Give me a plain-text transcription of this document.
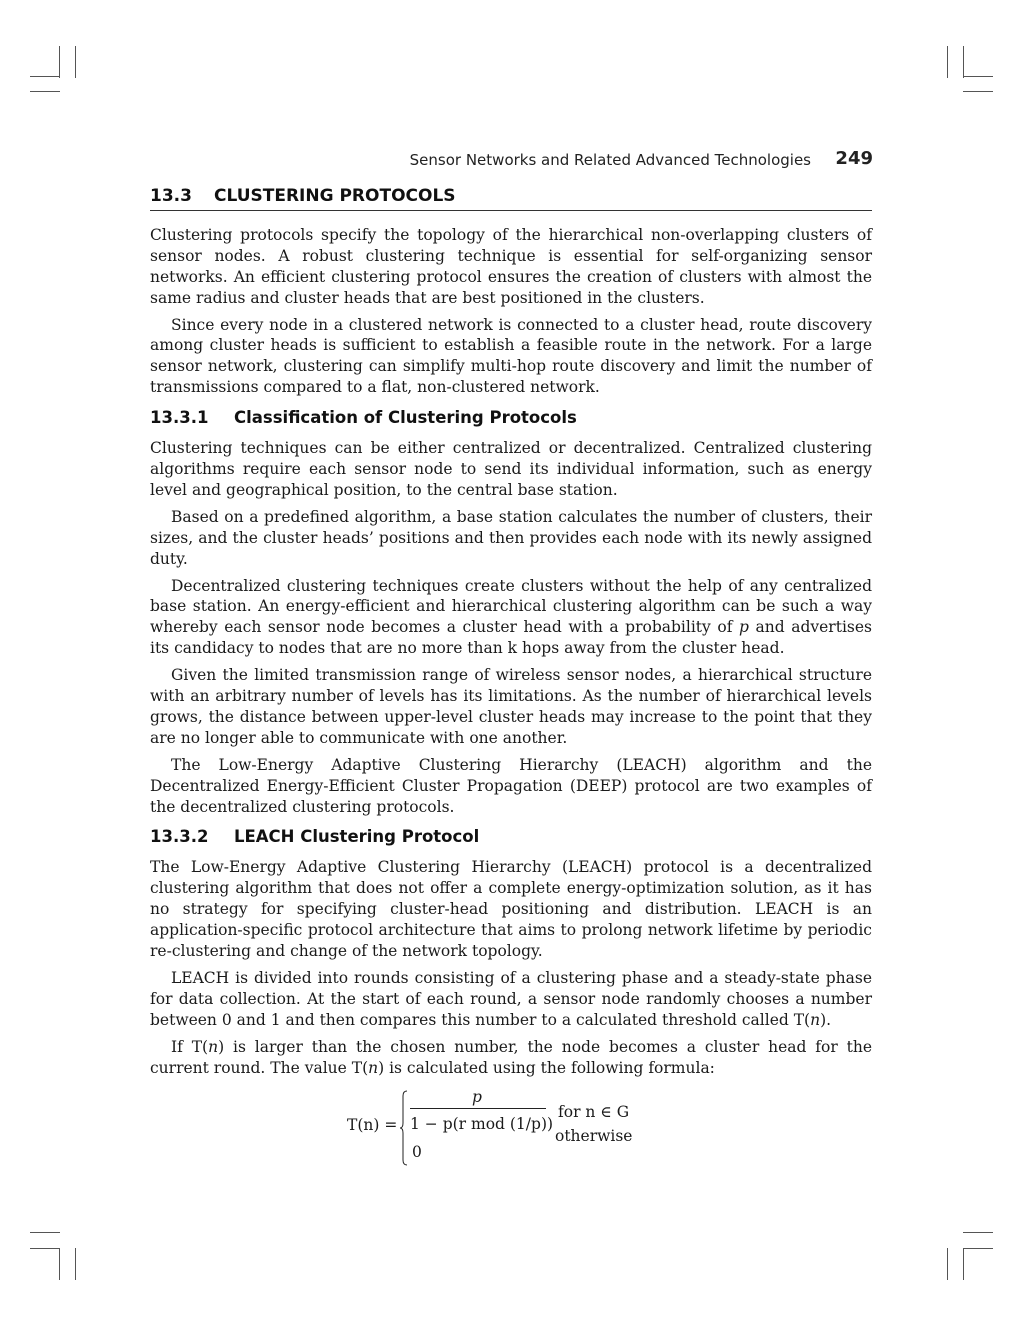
Sensor Networks and Related Advanced Technologies 249
13.3 CLUSTERING PROTOCOLS

Clustering protocols specify the topology of the hierarchical non-overlapping clusters of sensor nodes. A robust clustering technique is essential for self-organizing sensor networks. An efficient clustering protocol ensures the creation of clusters with almost the same radius and cluster heads that are best positioned in the clusters.

Since every node in a clustered network is connected to a cluster head, route discovery among cluster heads is sufficient to establish a feasible route in the network. For a large sensor network, clustering can simplify multi-hop route discovery and limit the number of transmissions compared to a flat, non-clustered network.

13.3.1 Classification of Clustering Protocols

Clustering techniques can be either centralized or decentralized. Centralized clustering algorithms require each sensor node to send its individual information, such as energy level and geographical position, to the central base station.

Based on a predefined algorithm, a base station calculates the number of clusters, their sizes, and the cluster heads’ positions and then provides each node with its newly assigned duty.

Decentralized clustering techniques create clusters without the help of any centralized base station. An energy-efficient and hierarchical clustering algorithm can be such a way whereby each sensor node becomes a cluster head with a probability of p and advertises its candidacy to nodes that are no more than k hops away from the cluster head.

Given the limited transmission range of wireless sensor nodes, a hierarchical structure with an arbitrary number of levels has its limitations. As the number of hierarchical levels grows, the distance between upper-level cluster heads may increase to the point that they are no longer able to communicate with one another.

The Low-Energy Adaptive Clustering Hierarchy (LEACH) algorithm and the Decentralized Energy-Efficient Cluster Propagation (DEEP) protocol are two examples of the decentralized clustering protocols.

13.3.2 LEACH Clustering Protocol

The Low-Energy Adaptive Clustering Hierarchy (LEACH) protocol is a decentralized clustering algorithm that does not offer a complete energy-optimization solution, as it has no strategy for specifying cluster-head positioning and distribution. LEACH is an application-specific protocol architecture that aims to prolong network lifetime by periodic re-clustering and change of the network topology.

LEACH is divided into rounds consisting of a clustering phase and a steady-state phase for data collection. At the start of each round, a sensor node randomly chooses a number between 0 and 1 and then compares this number to a calculated threshold called T(n).

If T(n) is larger than the chosen number, the node becomes a cluster head for the current round. The value T(n) is calculated using the following formula:

T(n) =
p
1 − p(r mod (1/p))
for n ∈ G
otherwise
0
